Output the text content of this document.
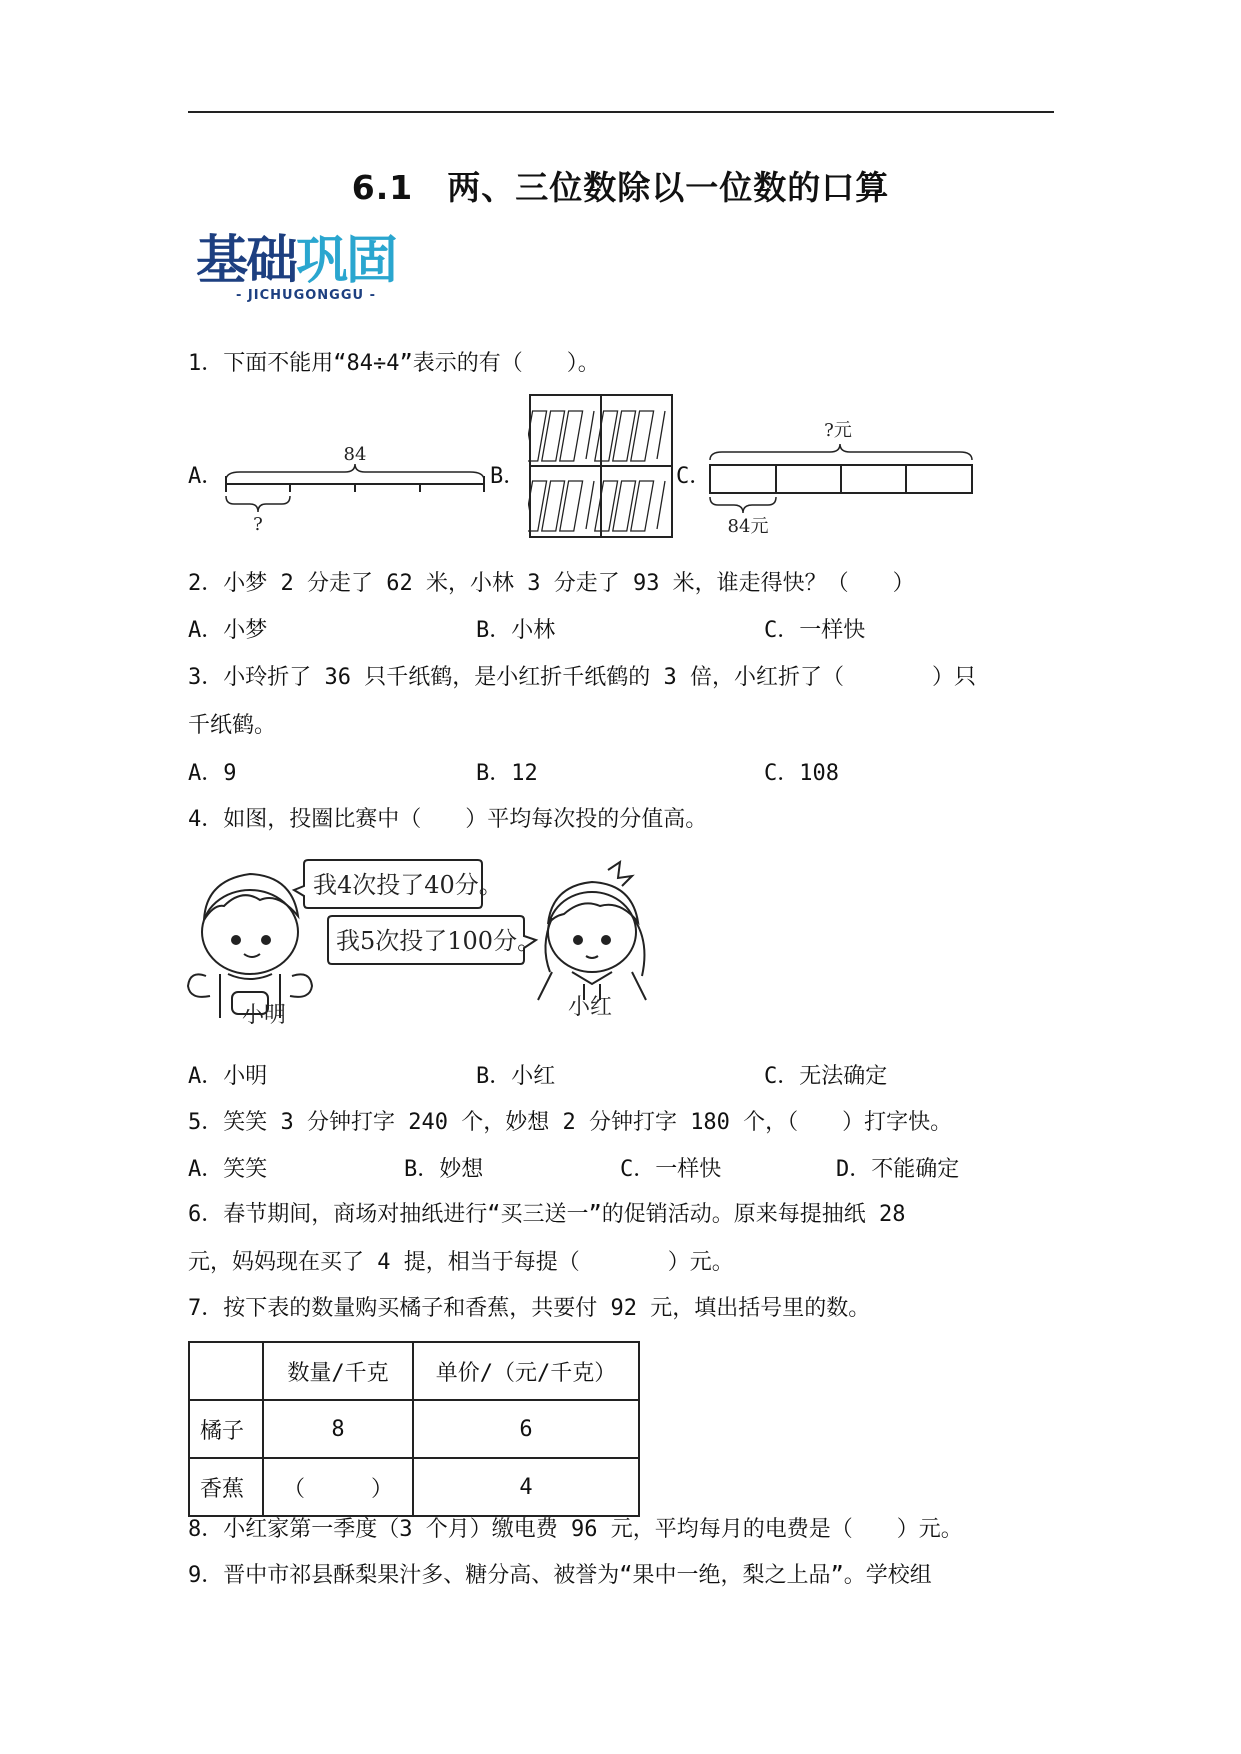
6.1　两、三位数除以一位数的口算
基础巩固
- JICHUGONGGU -
1．下面不能用“84÷4”表示的有（　　）。
A．	B．	C．
84
?
?元
84元
2．小梦 2 分走了 62 米，小林 3 分走了 93 米，谁走得快？（　　）
A．小梦	B．小林	C．一样快
3．小玲折了 36 只千纸鹤，是小红折千纸鹤的 3 倍，小红折了（　　　　）只
千纸鹤。
A．9	B．12	C．108
4．如图，投圈比赛中（　　）平均每次投的分值高。
小明
我4次投了40分。
我5次投了100分。
小红
A．小明	B．小红	C．无法确定
5．笑笑 3 分钟打字 240 个，妙想 2 分钟打字 180 个，（　　）打字快。
A．笑笑	B．妙想	C．一样快	D．不能确定
6．春节期间，商场对抽纸进行“买三送一”的促销活动。原来每提抽纸 28
元，妈妈现在买了 4 提，相当于每提（　　　　）元。
7．按下表的数量购买橘子和香蕉，共要付 92 元，填出括号里的数。
	数量/千克	单价/（元/千克）
橘子	8	6
香蕉	（　　　）	4
8．小红家第一季度（3 个月）缴电费 96 元，平均每月的电费是（　　）元。
9．晋中市祁县酥梨果汁多、糖分高、被誉为“果中一绝，梨之上品”。学校组
